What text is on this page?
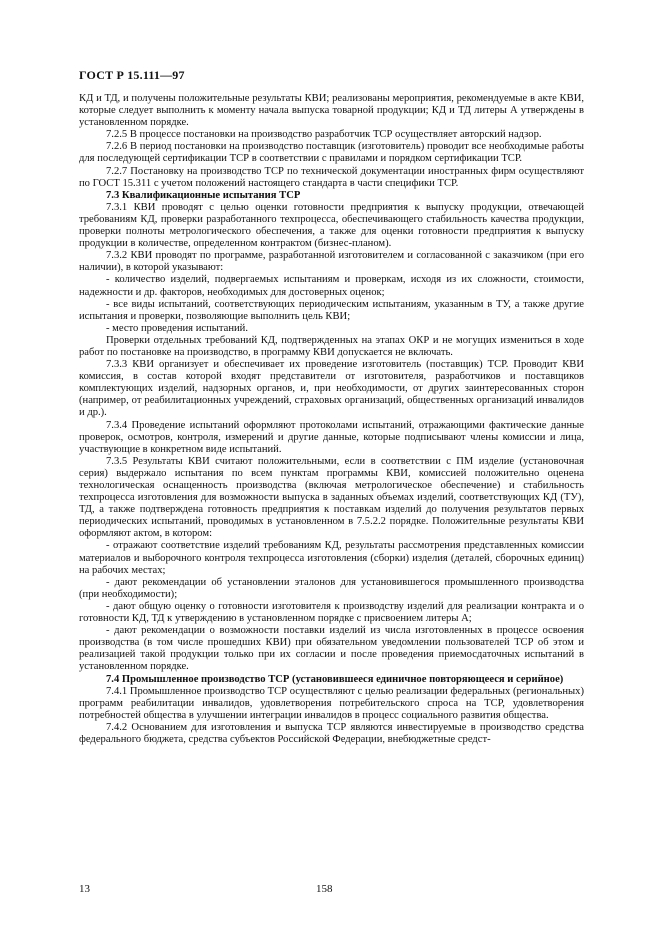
ГОСТ Р 15.111—97

КД и ТД, и получены положительные результаты КВИ; реализованы мероприятия, рекомендуемые в акте КВИ, которые следует выполнить к моменту начала выпуска товарной продукции; КД и ТД литеры А утверждены в установленном порядке.

7.2.5 В процессе постановки на производство разработчик ТСР осуществляет авторский надзор.

7.2.6 В период постановки на производство поставщик (изготовитель) проводит все необходимые работы для последующей сертификации ТСР в соответствии с правилами и порядком сертификации ТСР.

7.2.7 Постановку на производство ТСР по технической документации иностранных фирм осуществляют по ГОСТ 15.311 с учетом положений настоящего стандарта в части специфики ТСР.

7.3 Квалификационные испытания ТСР

7.3.1 КВИ проводят с целью оценки готовности предприятия к выпуску продукции, отвечающей требованиям КД, проверки разработанного техпроцесса, обеспечивающего стабильность качества продукции, проверки полноты метрологического обеспечения, а также для оценки готовности предприятия к выпуску продукции в количестве, определенном контрактом (бизнес-планом).

7.3.2 КВИ проводят по программе, разработанной изготовителем и согласованной с заказчиком (при его наличии), в которой указывают:

- количество изделий, подвергаемых испытаниям и проверкам, исходя из их сложности, стоимости, надежности и др. факторов, необходимых для достоверных оценок;

- все виды испытаний, соответствующих периодическим испытаниям, указанным в ТУ, а также другие испытания и проверки, позволяющие выполнить цель КВИ;

- место проведения испытаний.

Проверки отдельных требований КД, подтвержденных на этапах ОКР и не могущих измениться в ходе работ по постановке на производство, в программу КВИ допускается не включать.

7.3.3 КВИ организует и обеспечивает их проведение изготовитель (поставщик) ТСР. Проводит КВИ комиссия, в состав которой входят представители от изготовителя, разработчиков и поставщиков комплектующих изделий, надзорных органов, и, при необходимости, от других заинтересованных сторон (например, от реабилитационных учреждений, страховых организаций, общественных организаций инвалидов и др.).

7.3.4 Проведение испытаний оформляют протоколами испытаний, отражающими фактические данные проверок, осмотров, контроля, измерений и другие данные, которые подписывают члены комиссии и лица, участвующие в конкретном виде испытаний.

7.3.5 Результаты КВИ считают положительными, если в соответствии с ПМ изделие (установочная серия) выдержало испытания по всем пунктам программы КВИ, комиссией положительно оценена технологическая оснащенность производства (включая метрологическое обеспечение) и стабильность техпроцесса изготовления для возможности выпуска в заданных объемах изделий, соответствующих КД (ТУ), ТД, а также подтверждена готовность предприятия к поставкам изделий до получения результатов первых периодических испытаний, проводимых в установленном в 7.5.2.2 порядке. Положительные результаты КВИ оформляют актом, в котором:

- отражают соответствие изделий требованиям КД, результаты рассмотрения представленных комиссии материалов и выборочного контроля техпроцесса изготовления (сборки) изделия (деталей, сборочных единиц) на рабочих местах;

- дают рекомендации об установлении эталонов для установившегося промышленного производства (при необходимости);

- дают общую оценку о готовности изготовителя к производству изделий для реализации контракта и о готовности КД, ТД к утверждению в установленном порядке с присвоением литеры А;

- дают рекомендации о возможности поставки изделий из числа изготовленных в процессе освоения производства (в том числе прошедших КВИ) при обязательном уведомлении пользователей ТСР об этом и реализацией такой продукции только при их согласии и после проведения приемосдаточных испытаний в установленном порядке.

7.4 Промышленное производство ТСР (установившееся единичное повторяющееся и серийное)

7.4.1 Промышленное производство ТСР осуществляют с целью реализации федеральных (региональных) программ реабилитации инвалидов, удовлетворения потребительского спроса на ТСР, удовлетворения потребностей общества в улучшении интеграции инвалидов в процесс социального развития общества.

7.4.2 Основанием для изготовления и выпуска ТСР являются инвестируемые в производство средства федерального бюджета, средства субъектов Российской Федерации, внебюджетные средст-

13	158
